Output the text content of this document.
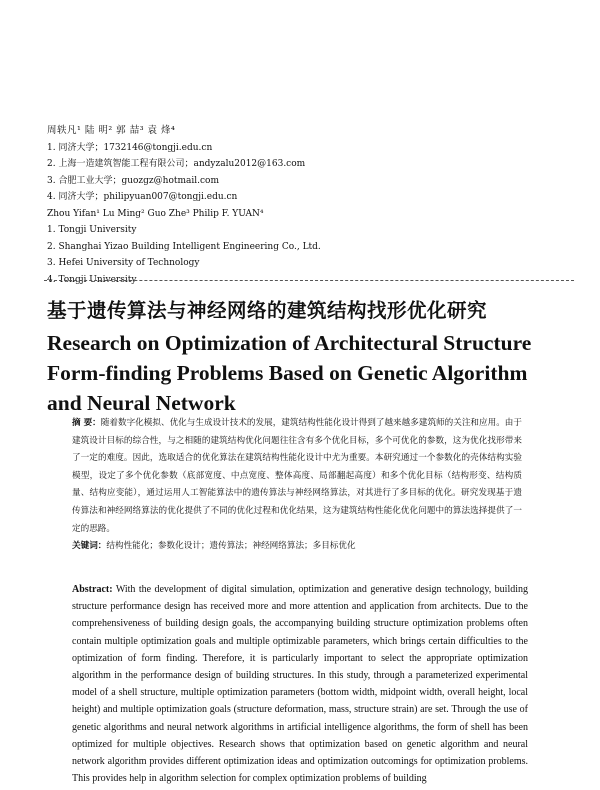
周轶凡¹ 陆 明² 郭 喆³ 袁 烽⁴
1. 同济大学；1732146@tongji.edu.cn
2. 上海一造建筑智能工程有限公司；andyzalu2012@163.com
3. 合肥工业大学；guozgz@hotmail.com
4. 同济大学；philipyuan007@tongji.edu.cn
Zhou Yifan¹ Lu Ming² Guo Zhe³ Philip F. YUAN⁴
1. Tongji University
2. Shanghai Yizao Building Intelligent Engineering Co., Ltd.
3. Hefei University of Technology
4. Tongji University
基于遗传算法与神经网络的建筑结构找形优化研究
Research on Optimization of Architectural Structure Form-finding Problems Based on Genetic Algorithm and Neural Network
摘 要：随着数字化模拟、优化与生成设计技术的发展，建筑结构性能化设计得到了越来越多建筑师的关注和应用。由于建筑设计目标的综合性，与之相随的建筑结构优化问题往往含有多个优化目标，多个可优化的参数，这为优化找形带来了一定的难度。因此，选取适合的优化算法在建筑结构性能化设计中尤为重要。本研究通过一个参数化的壳体结构实验模型，设定了多个优化参数（底部宽度、中点宽度、整体高度、局部翻起高度）和多个优化目标（结构形变、结构质量、结构应变能），通过运用人工智能算法中的遗传算法与神经网络算法，对其进行了多目标的优化。研究发现基于遗传算法和神经网络算法的优化提供了不同的优化过程和优化结果，这为建筑结构性能化优化问题中的算法选择提供了一定的思路。
关键词：结构性能化；参数化设计；遗传算法；神经网络算法；多目标优化
Abstract: With the development of digital simulation, optimization and generative design technology, building structure performance design has received more and more attention and application from architects. Due to the comprehensiveness of building design goals, the accompanying building structure optimization problems often contain multiple optimization goals and multiple optimizable parameters, which brings certain difficulties to the optimization of form finding. Therefore, it is particularly important to select the appropriate optimization algorithm in the performance design of building structures. In this study, through a parameterized experimental model of a shell structure, multiple optimization parameters (bottom width, midpoint width, overall height, local height) and multiple optimization goals (structure deformation, mass, structure strain) are set. Through the use of genetic algorithms and neural network algorithms in artificial intelligence algorithms, the form of shell has been optimized for multiple objectives. Research shows that optimization based on genetic algorithm and neural network algorithm provides different optimization ideas and optimization outcomings for optimization problems. This provides help in algorithm selection for complex optimization problems of building
